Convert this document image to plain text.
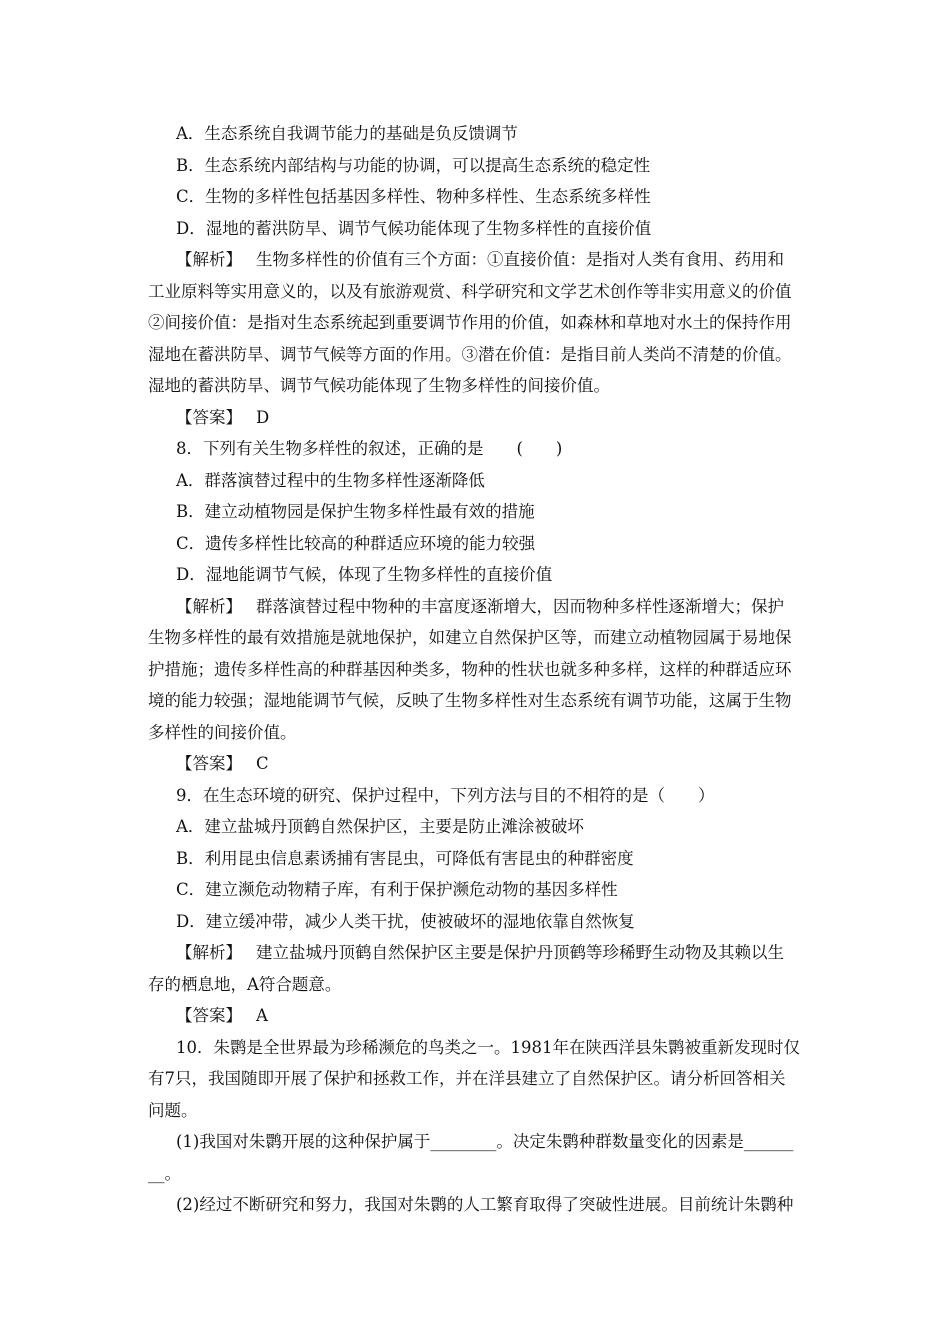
A．生态系统自我调节能力的基础是负反馈调节
B．生态系统内部结构与功能的协调，可以提高生态系统的稳定性
C．生物的多样性包括基因多样性、物种多样性、生态系统多样性
D．湿地的蓄洪防旱、调节气候功能体现了生物多样性的直接价值
【解析】 生物多样性的价值有三个方面：①直接价值：是指对人类有食用、药用和
工业原料等实用意义的，以及有旅游观赏、科学研究和文学艺术创作等非实用意义的价值
②间接价值：是指对生态系统起到重要调节作用的价值，如森林和草地对水土的保持作用
湿地在蓄洪防旱、调节气候等方面的作用。③潜在价值：是指目前人类尚不清楚的价值。
湿地的蓄洪防旱、调节气候功能体现了生物多样性的间接价值。
【答案】 D
8．下列有关生物多样性的叙述，正确的是　　(　　)
A．群落演替过程中的生物多样性逐渐降低
B．建立动植物园是保护生物多样性最有效的措施
C．遗传多样性比较高的种群适应环境的能力较强
D．湿地能调节气候，体现了生物多样性的直接价值
【解析】 群落演替过程中物种的丰富度逐渐增大，因而物种多样性逐渐增大；保护
生物多样性的最有效措施是就地保护，如建立自然保护区等，而建立动植物园属于易地保
护措施；遗传多样性高的种群基因种类多，物种的性状也就多种多样，这样的种群适应环
境的能力较强；湿地能调节气候，反映了生物多样性对生态系统有调节功能，这属于生物
多样性的间接价值。
【答案】 C
9．在生态环境的研究、保护过程中，下列方法与目的不相符的是（　　）
A．建立盐城丹顶鹤自然保护区，主要是防止滩涂被破坏
B．利用昆虫信息素诱捕有害昆虫，可降低有害昆虫的种群密度
C．建立濒危动物精子库，有利于保护濒危动物的基因多样性
D．建立缓冲带，减少人类干扰，使被破坏的湿地依靠自然恢复
【解析】 建立盐城丹顶鹤自然保护区主要是保护丹顶鹤等珍稀野生动物及其赖以生
存的栖息地，A符合题意。
【答案】 A
10．朱鹮是全世界最为珍稀濒危的鸟类之一。1981年在陕西洋县朱鹮被重新发现时仅
有7只，我国随即开展了保护和拯救工作，并在洋县建立了自然保护区。请分析回答相关
问题。
(1)我国对朱鹮开展的这种保护属于________。决定朱鹮种群数量变化的因素是______
__。
(2)经过不断研究和努力，我国对朱鹮的人工繁育取得了突破性进展。目前统计朱鹮种
